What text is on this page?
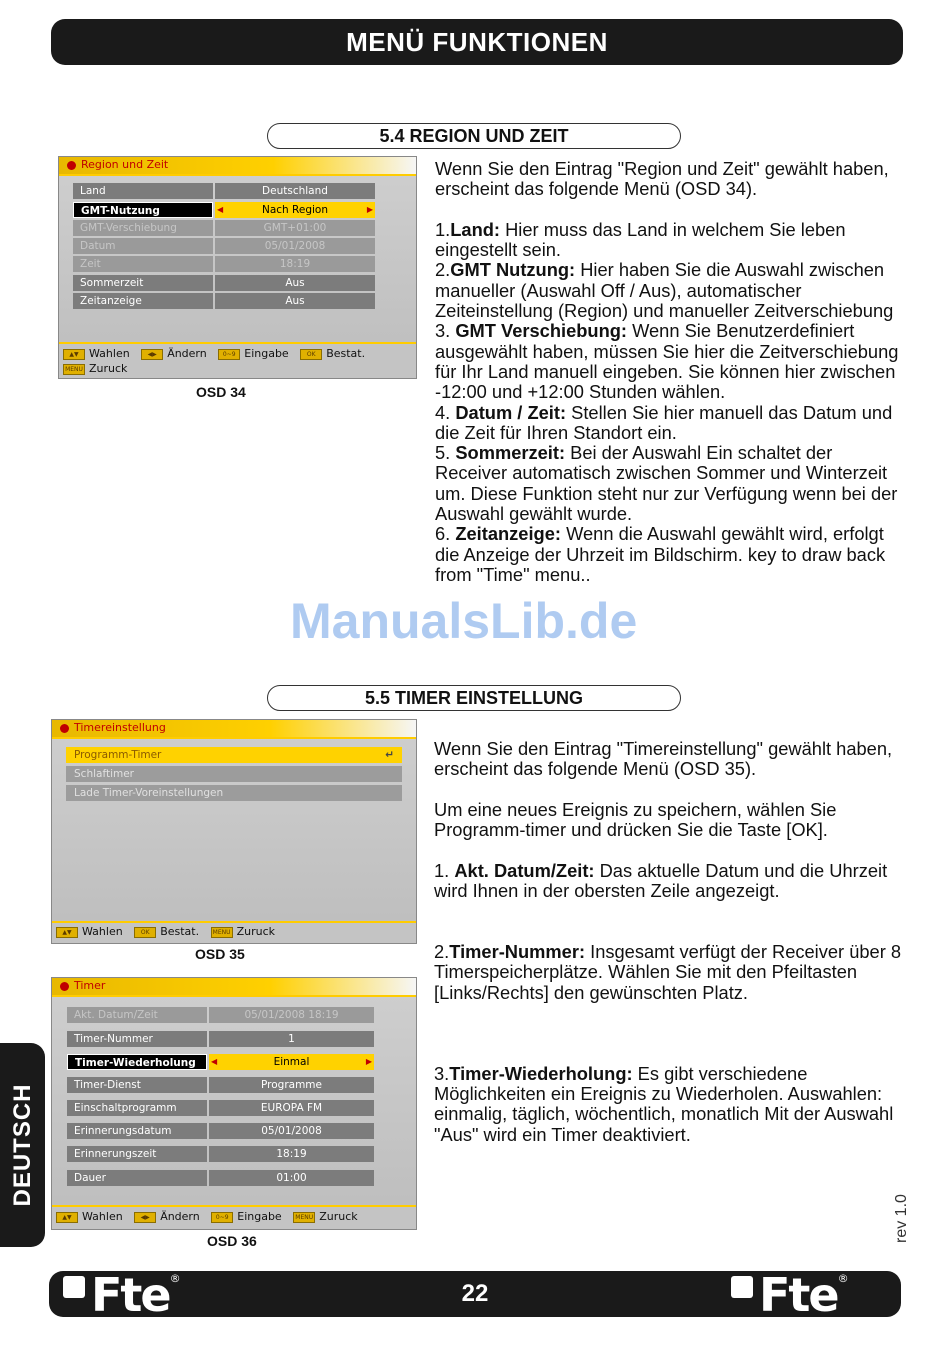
MENÜ FUNKTIONEN
5.4 REGION UND ZEIT
Region und Zeit
Land	Deutschland
GMT-Nutzung	◀ Nach Region ▶
GMT-Verschiebung	GMT+01:00
Datum	05/01/2008
Zeit	18:19
Sommerzeit	Aus
Zeitanzeige	Aus
▲▼ Wahlen	◀▶ Ändern	0~9 Eingabe	OK Bestat.
MENU Zuruck
OSD 34
Wenn Sie den Eintrag "Region und Zeit" gewählt haben, erscheint das folgende Menü (OSD 34).
1.Land: Hier muss das Land in welchem Sie leben eingestellt sein.
2.GMT Nutzung: Hier haben Sie die Auswahl zwischen manueller (Auswahl Off / Aus), automatischer Zeiteinstellung (Region) und manueller Zeitverschiebung
3. GMT Verschiebung: Wenn Sie Benutzerdefiniert ausgewählt haben, müssen Sie hier die Zeitverschiebung für Ihr Land manuell eingeben. Sie können hier zwischen -12:00 und +12:00 Stunden wählen.
4. Datum / Zeit: Stellen Sie hier manuell das Datum und die Zeit für Ihren Standort ein.
5. Sommerzeit: Bei der Auswahl Ein schaltet der Receiver automatisch zwischen Sommer und Winterzeit um. Diese Funktion steht nur zur Verfügung wenn bei der Auswahl gewählt wurde.
6. Zeitanzeige: Wenn die Auswahl gewählt wird, erfolgt die Anzeige der Uhrzeit im Bildschirm. key to draw back from "Time" menu..
ManualsLib.de
5.5 TIMER EINSTELLUNG
Timereinstellung
Programm-Timer	↵
Schlaftimer
Lade Timer-Voreinstellungen
▲▼ Wahlen	OK Bestat. MENU Zuruck
OSD 35
Timer
Akt. Datum/Zeit	05/01/2008 18:19
Timer-Nummer	1
Timer-Wiederholung	◀ Einmal ▶
Timer-Dienst	Programme
Einschaltprogramm	EUROPA FM
Erinnerungsdatum	05/01/2008
Erinnerungszeit	18:19
Dauer	01:00
▲▼ Wahlen	◀▶ Ändern	0~9 Eingabe MENU Zuruck
OSD 36
Wenn Sie den Eintrag "Timereinstellung" gewählt haben, erscheint das folgende Menü (OSD 35).
Um eine neues Ereignis zu speichern, wählen Sie Programm-timer und drücken Sie die Taste [OK].
1. Akt. Datum/Zeit: Das aktuelle Datum und die Uhrzeit wird Ihnen in der obersten Zeile angezeigt.
2.Timer-Nummer: Insgesamt verfügt der Receiver über 8 Timerspeicherplätze. Wählen Sie mit den Pfeiltasten [Links/Rechts] den gewünschten Platz.
3.Timer-Wiederholung: Es gibt verschiedene Möglichkeiten ein Ereignis zu Wiederholen. Auswahlen: einmalig, täglich, wöchentlich, monatlich Mit der Auswahl "Aus" wird ein Timer deaktiviert.
DEUTSCH
rev 1.0
Fte®
22	Fte®
